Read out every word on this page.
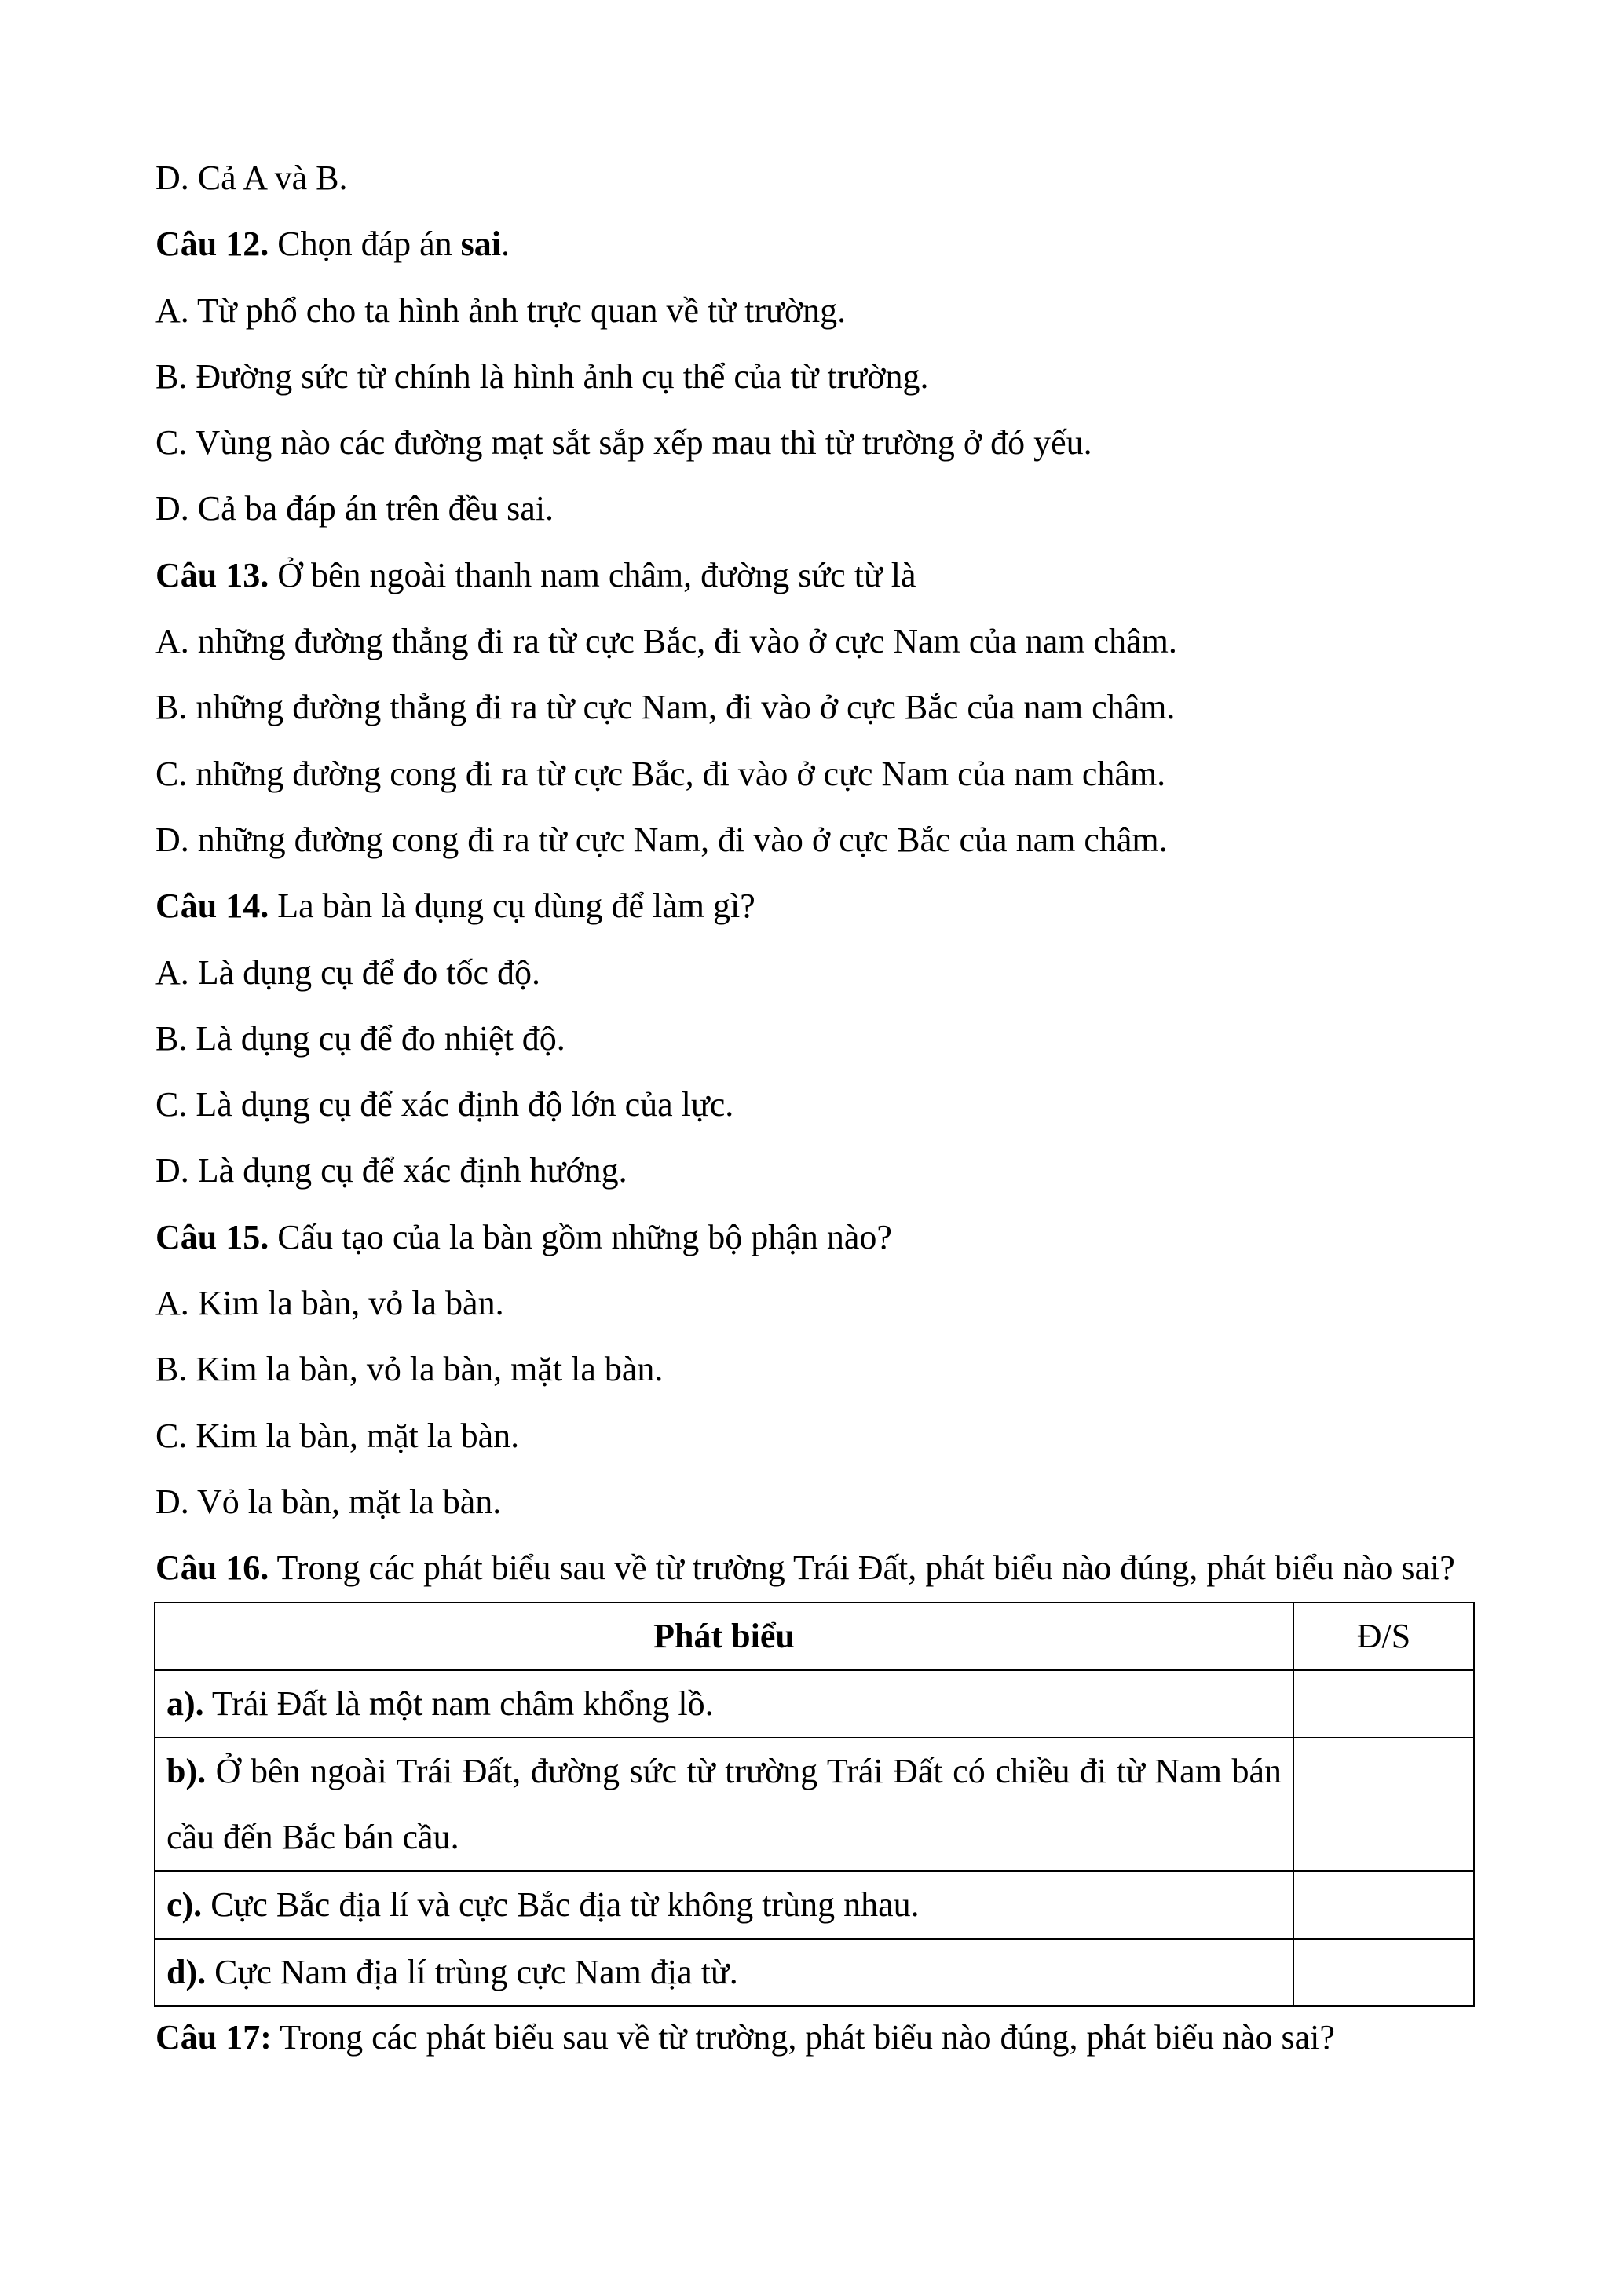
D. Cả A và B.
Câu 12. Chọn đáp án sai.
A. Từ phổ cho ta hình ảnh trực quan về từ trường.
B. Đường sức từ chính là hình ảnh cụ thể của từ trường.
C. Vùng nào các đường mạt sắt sắp xếp mau thì từ trường ở đó yếu.
D. Cả ba đáp án trên đều sai.
Câu 13. Ở bên ngoài thanh nam châm, đường sức từ là
A. những đường thẳng đi ra từ cực Bắc, đi vào ở cực Nam của nam châm.
B. những đường thẳng đi ra từ cực Nam, đi vào ở cực Bắc của nam châm.
C. những đường cong đi ra từ cực Bắc, đi vào ở cực Nam của nam châm.
D. những đường cong đi ra từ cực Nam, đi vào ở cực Bắc của nam châm.
Câu 14. La bàn là dụng cụ dùng để làm gì?
A. Là dụng cụ để đo tốc độ.
B. Là dụng cụ để đo nhiệt độ.
C. Là dụng cụ để xác định độ lớn của lực.
D. Là dụng cụ để xác định hướng.
Câu 15. Cấu tạo của la bàn gồm những bộ phận nào?
A. Kim la bàn, vỏ la bàn.
B. Kim la bàn, vỏ la bàn, mặt la bàn.
C. Kim la bàn, mặt la bàn.
D. Vỏ la bàn, mặt la bàn.
Câu 16. Trong các phát biểu sau về từ trường Trái Đất, phát biểu nào đúng, phát biểu nào sai?
Phát biểu	Đ/S
a). Trái Đất là một nam châm khổng lồ.	
b). Ở bên ngoài Trái Đất, đường sức từ trường Trái Đất có chiều đi từ Nam bán cầu đến Bắc bán cầu.	
c). Cực Bắc địa lí và cực Bắc địa từ không trùng nhau.	
d). Cực Nam địa lí trùng cực Nam địa từ.	
Câu 17: Trong các phát biểu sau về từ trường, phát biểu nào đúng, phát biểu nào sai?
